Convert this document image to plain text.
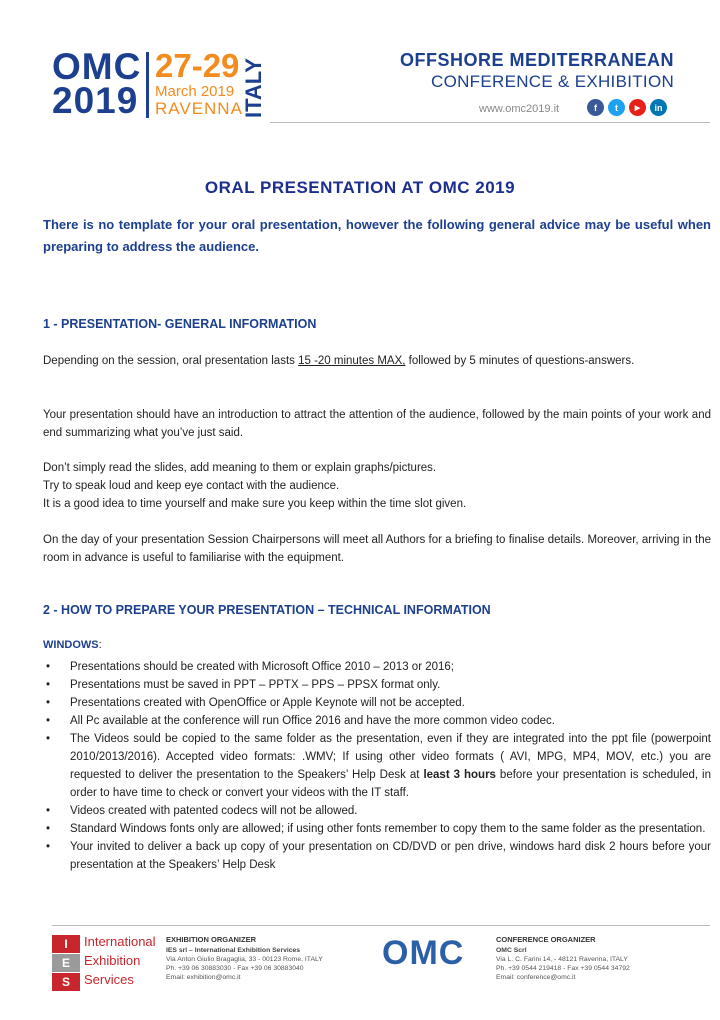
OMC
2019
27-29
March 2019
RAVENNA
ITALY	OFFSHORE MEDITERRANEAN
CONFERENCE & EXHIBITION
www.omc2019.it	f	t	▶	in
ORAL PRESENTATION AT OMC 2019
There is no template for your oral presentation, however the following general advice may be useful when preparing to address the audience.
1 - PRESENTATION- GENERAL INFORMATION
Depending on the session, oral presentation lasts 15 -20 minutes MAX, followed by 5 minutes of questions-answers.
Your presentation should have an introduction to attract the attention of the audience, followed by the main points of your work and end summarizing what you’ve just said.
Don’t simply read the slides, add meaning to them or explain graphs/pictures.
Try to speak loud and keep eye contact with the audience.
It is a good idea to time yourself and make sure you keep within the time slot given.
On the day of your presentation Session Chairpersons will meet all Authors for a briefing to finalise details. Moreover, arriving in the room in advance is useful to familiarise with the equipment.
2 - HOW TO PREPARE YOUR PRESENTATION – TECHNICAL INFORMATION
WINDOWS:
• Presentations should be created with Microsoft Office 2010 – 2013 or 2016;
• Presentations must be saved in PPT – PPTX – PPS – PPSX format only.
• Presentations created with OpenOffice or Apple Keynote will not be accepted.
• All Pc available at the conference will run Office 2016 and have the more common video codec.
• The Videos sould be copied to the same folder as the presentation, even if they are integrated into the ppt file (powerpoint 2010/2013/2016). Accepted video formats: .WMV; If using other video formats ( AVI, MPG, MP4, MOV, etc.) you are requested to deliver the presentation to the Speakers’ Help Desk at least 3 hours before your presentation is scheduled, in order to have time to check or convert your videos with the IT staff.
• Videos created with patented codecs will not be allowed.
• Standard Windows fonts only are allowed; if using other fonts remember to copy them to the same folder as the presentation.
• Your invited to deliver a back up copy of your presentation on CD/DVD or pen drive, windows hard disk 2 hours before your presentation at the Speakers’ Help Desk
I
E
S
International
Exhibition
Services
EXHIBITION ORGANIZER
IES srl – International Exhibition Services
Via Anton Giulio Bragaglia, 33 - 00123 Rome, ITALY
Ph. +39 06 30883030 - Fax +39 06 30883040
Email: exhibition@omc.it
OMC	CONFERENCE ORGANIZER
OMC Scrl
Via L. C. Farini 14, - 48121 Ravenna, ITALY
Ph. +39 0544 219418 - Fax +39 0544 34792
Email: conference@omc.it
